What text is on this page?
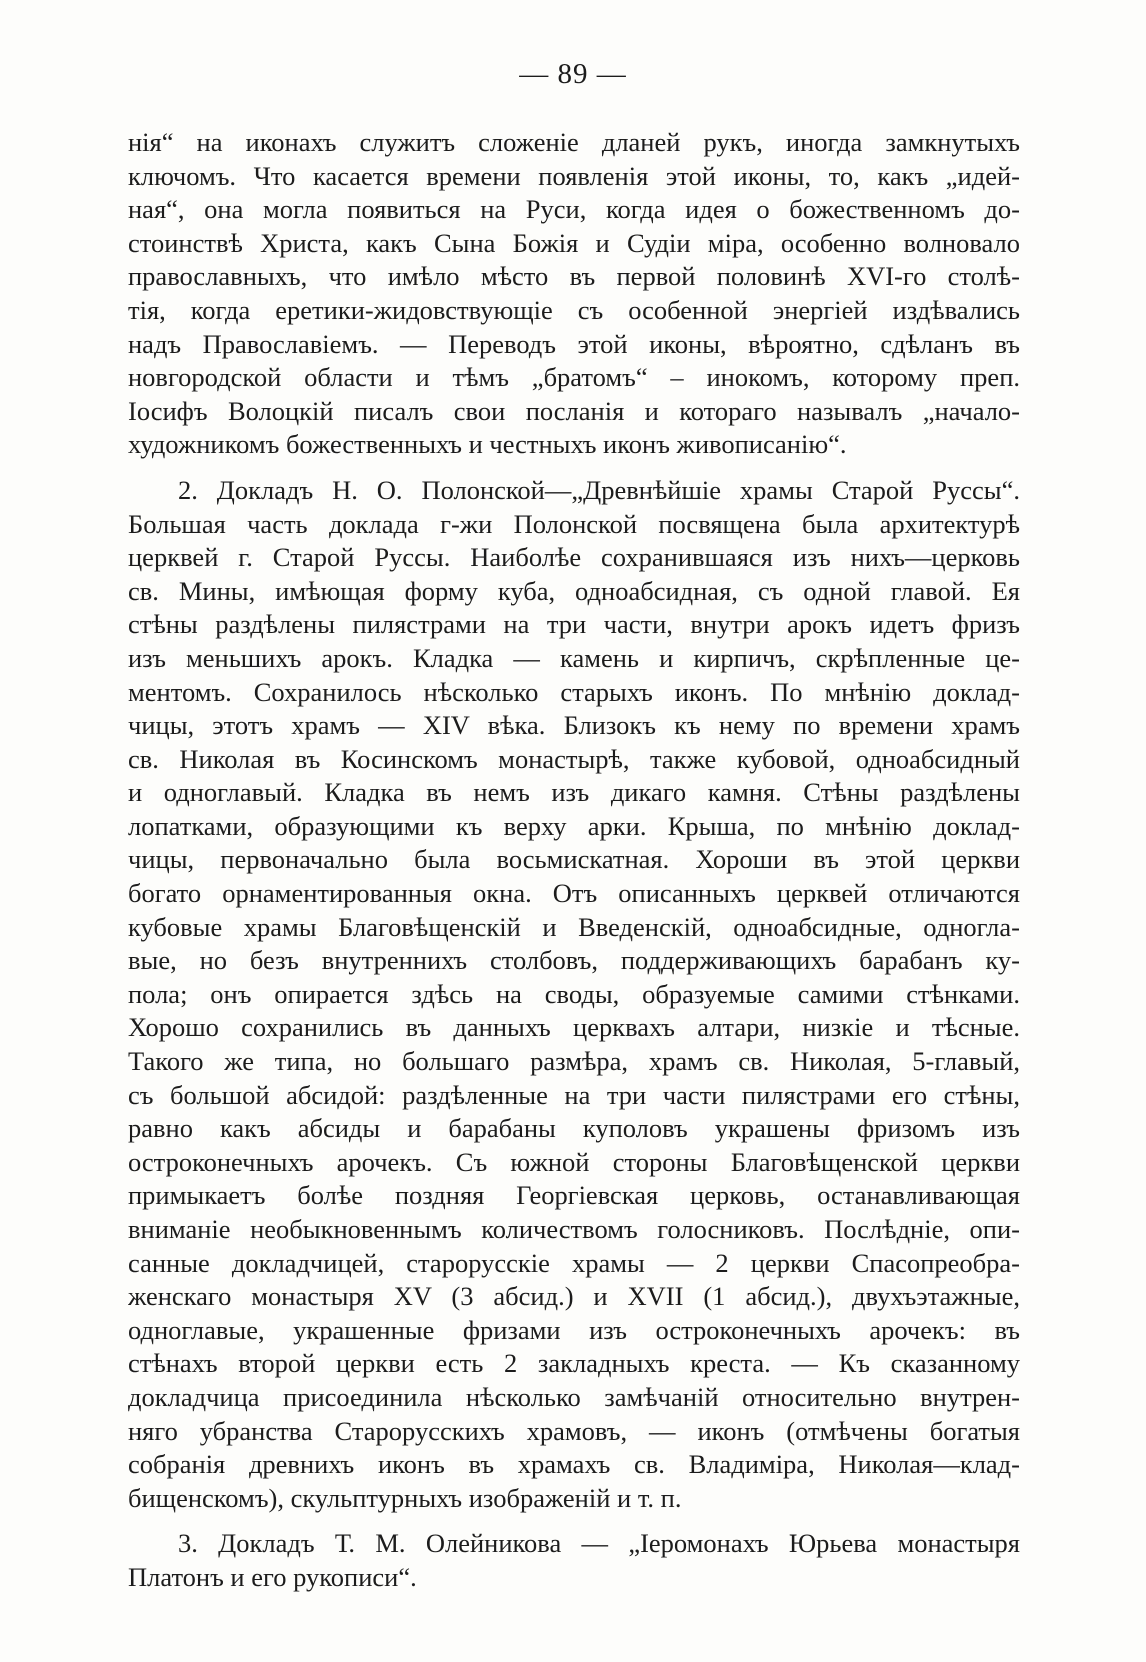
— 89 —

нія“ на иконахъ служитъ сложеніе дланей рукъ, иногда замкнутыхъ
ключомъ. Что касается времени появленія этой иконы, то, какъ „идей-
ная“, она могла появиться на Руси, когда идея о божественномъ до-
стоинствѣ Христа, какъ Сына Божія и Судіи міра, особенно волновало
православныхъ, что имѣло мѣсто въ первой половинѣ XVI-го столѣ-
тія, когда еретики-жидовствующіе съ особенной энергіей издѣвались
надъ Православіемъ. — Переводъ этой иконы, вѣроятно, сдѣланъ въ
новгородской области и тѣмъ „братомъ“ – инокомъ, которому преп.
Іосифъ Волоцкій писалъ свои посланія и котораго называлъ „начало-
художникомъ божественныхъ и честныхъ иконъ живописанію“.

2. Докладъ Н. О. Полонской—„Древнѣйшіе храмы Старой Руссы“.
Большая часть доклада г-жи Полонской посвящена была архитектурѣ
церквей г. Старой Руссы. Наиболѣе сохранившаяся изъ нихъ—церковь
св. Мины, имѣющая форму куба, одноабсидная, съ одной главой. Ея
стѣны раздѣлены пилястрами на три части, внутри арокъ идетъ фризъ
изъ меньшихъ арокъ. Кладка — камень и кирпичъ, скрѣпленные це-
ментомъ. Сохранилось нѣсколько старыхъ иконъ. По мнѣнію доклад-
чицы, этотъ храмъ — XIV вѣка. Близокъ къ нему по времени храмъ
св. Николая въ Косинскомъ монастырѣ, также кубовой, одноабсидный
и одноглавый. Кладка въ немъ изъ дикаго камня. Стѣны раздѣлены
лопатками, образующими къ верху арки. Крыша, по мнѣнію доклад-
чицы, первоначально была восьмискатная. Хороши въ этой церкви
богато орнаментированныя окна. Отъ описанныхъ церквей отличаются
кубовые храмы Благовѣщенскій и Введенскій, одноабсидные, одногла-
вые, но безъ внутреннихъ столбовъ, поддерживающихъ барабанъ ку-
пола; онъ опирается здѣсь на своды, образуемые самими стѣнками.
Хорошо сохранились въ данныхъ церквахъ алтари, низкіе и тѣсные.
Такого же типа, но большаго размѣра, храмъ св. Николая, 5-главый,
съ большой абсидой: раздѣленные на три части пилястрами его стѣны,
равно какъ абсиды и барабаны куполовъ украшены фризомъ изъ
остроконечныхъ арочекъ. Съ южной стороны Благовѣщенской церкви
примыкаетъ болѣе поздняя Георгіевская церковь, останавливающая
вниманіе необыкновеннымъ количествомъ голосниковъ. Послѣдніе, опи-
санные докладчицей, старорусскіе храмы — 2 церкви Спасопреобра-
женскаго монастыря XV (3 абсид.) и XVII (1 абсид.), двухъэтажные,
одноглавые, украшенные фризами изъ остроконечныхъ арочекъ: въ
стѣнахъ второй церкви есть 2 закладныхъ креста. — Къ сказанному
докладчица присоединила нѣсколько замѣчаній относительно внутрен-
няго убранства Старорусскихъ храмовъ, — иконъ (отмѣчены богатыя
собранія древнихъ иконъ въ храмахъ св. Владиміра, Николая—клад-
бищенскомъ), скульптурныхъ изображеній и т. п.

3. Докладъ Т. М. Олейникова — „Іеромонахъ Юрьева монастыря
Платонъ и его рукописи“.
